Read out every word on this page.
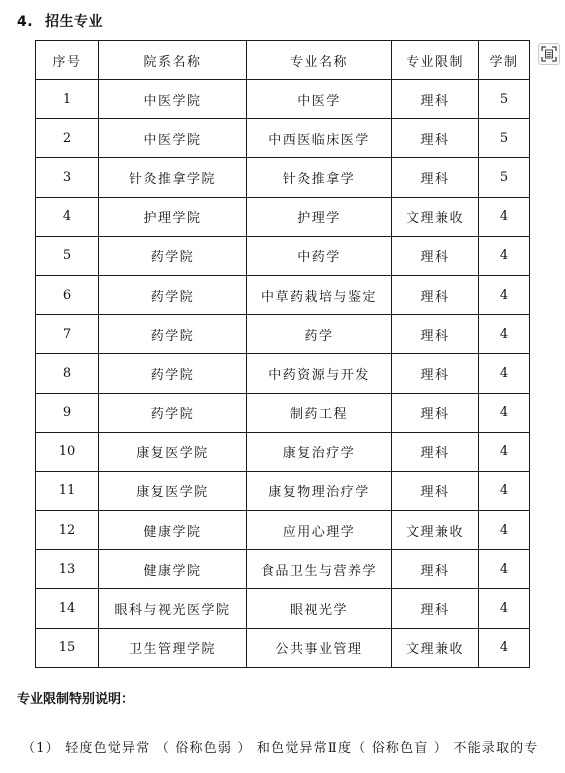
4. 招生专业
序号	院系名称	专业名称	专业限制	学制
1	中医学院	中医学	理科	5
2	中医学院	中西医临床医学	理科	5
3	针灸推拿学院	针灸推拿学	理科	5
4	护理学院	护理学	文理兼收	4
5	药学院	中药学	理科	4
6	药学院	中草药栽培与鉴定	理科	4
7	药学院	药学	理科	4
8	药学院	中药资源与开发	理科	4
9	药学院	制药工程	理科	4
10	康复医学院	康复治疗学	理科	4
11	康复医学院	康复物理治疗学	理科	4
12	健康学院	应用心理学	文理兼收	4
13	健康学院	食品卫生与营养学	理科	4
14	眼科与视光医学院	眼视光学	理科	4
15	卫生管理学院	公共事业管理	文理兼收	4
专业限制特别说明：
（1） 轻度色觉异常 （ 俗称色弱 ） 和色觉异常Ⅱ度（ 俗称色盲 ） 不能录取的专
